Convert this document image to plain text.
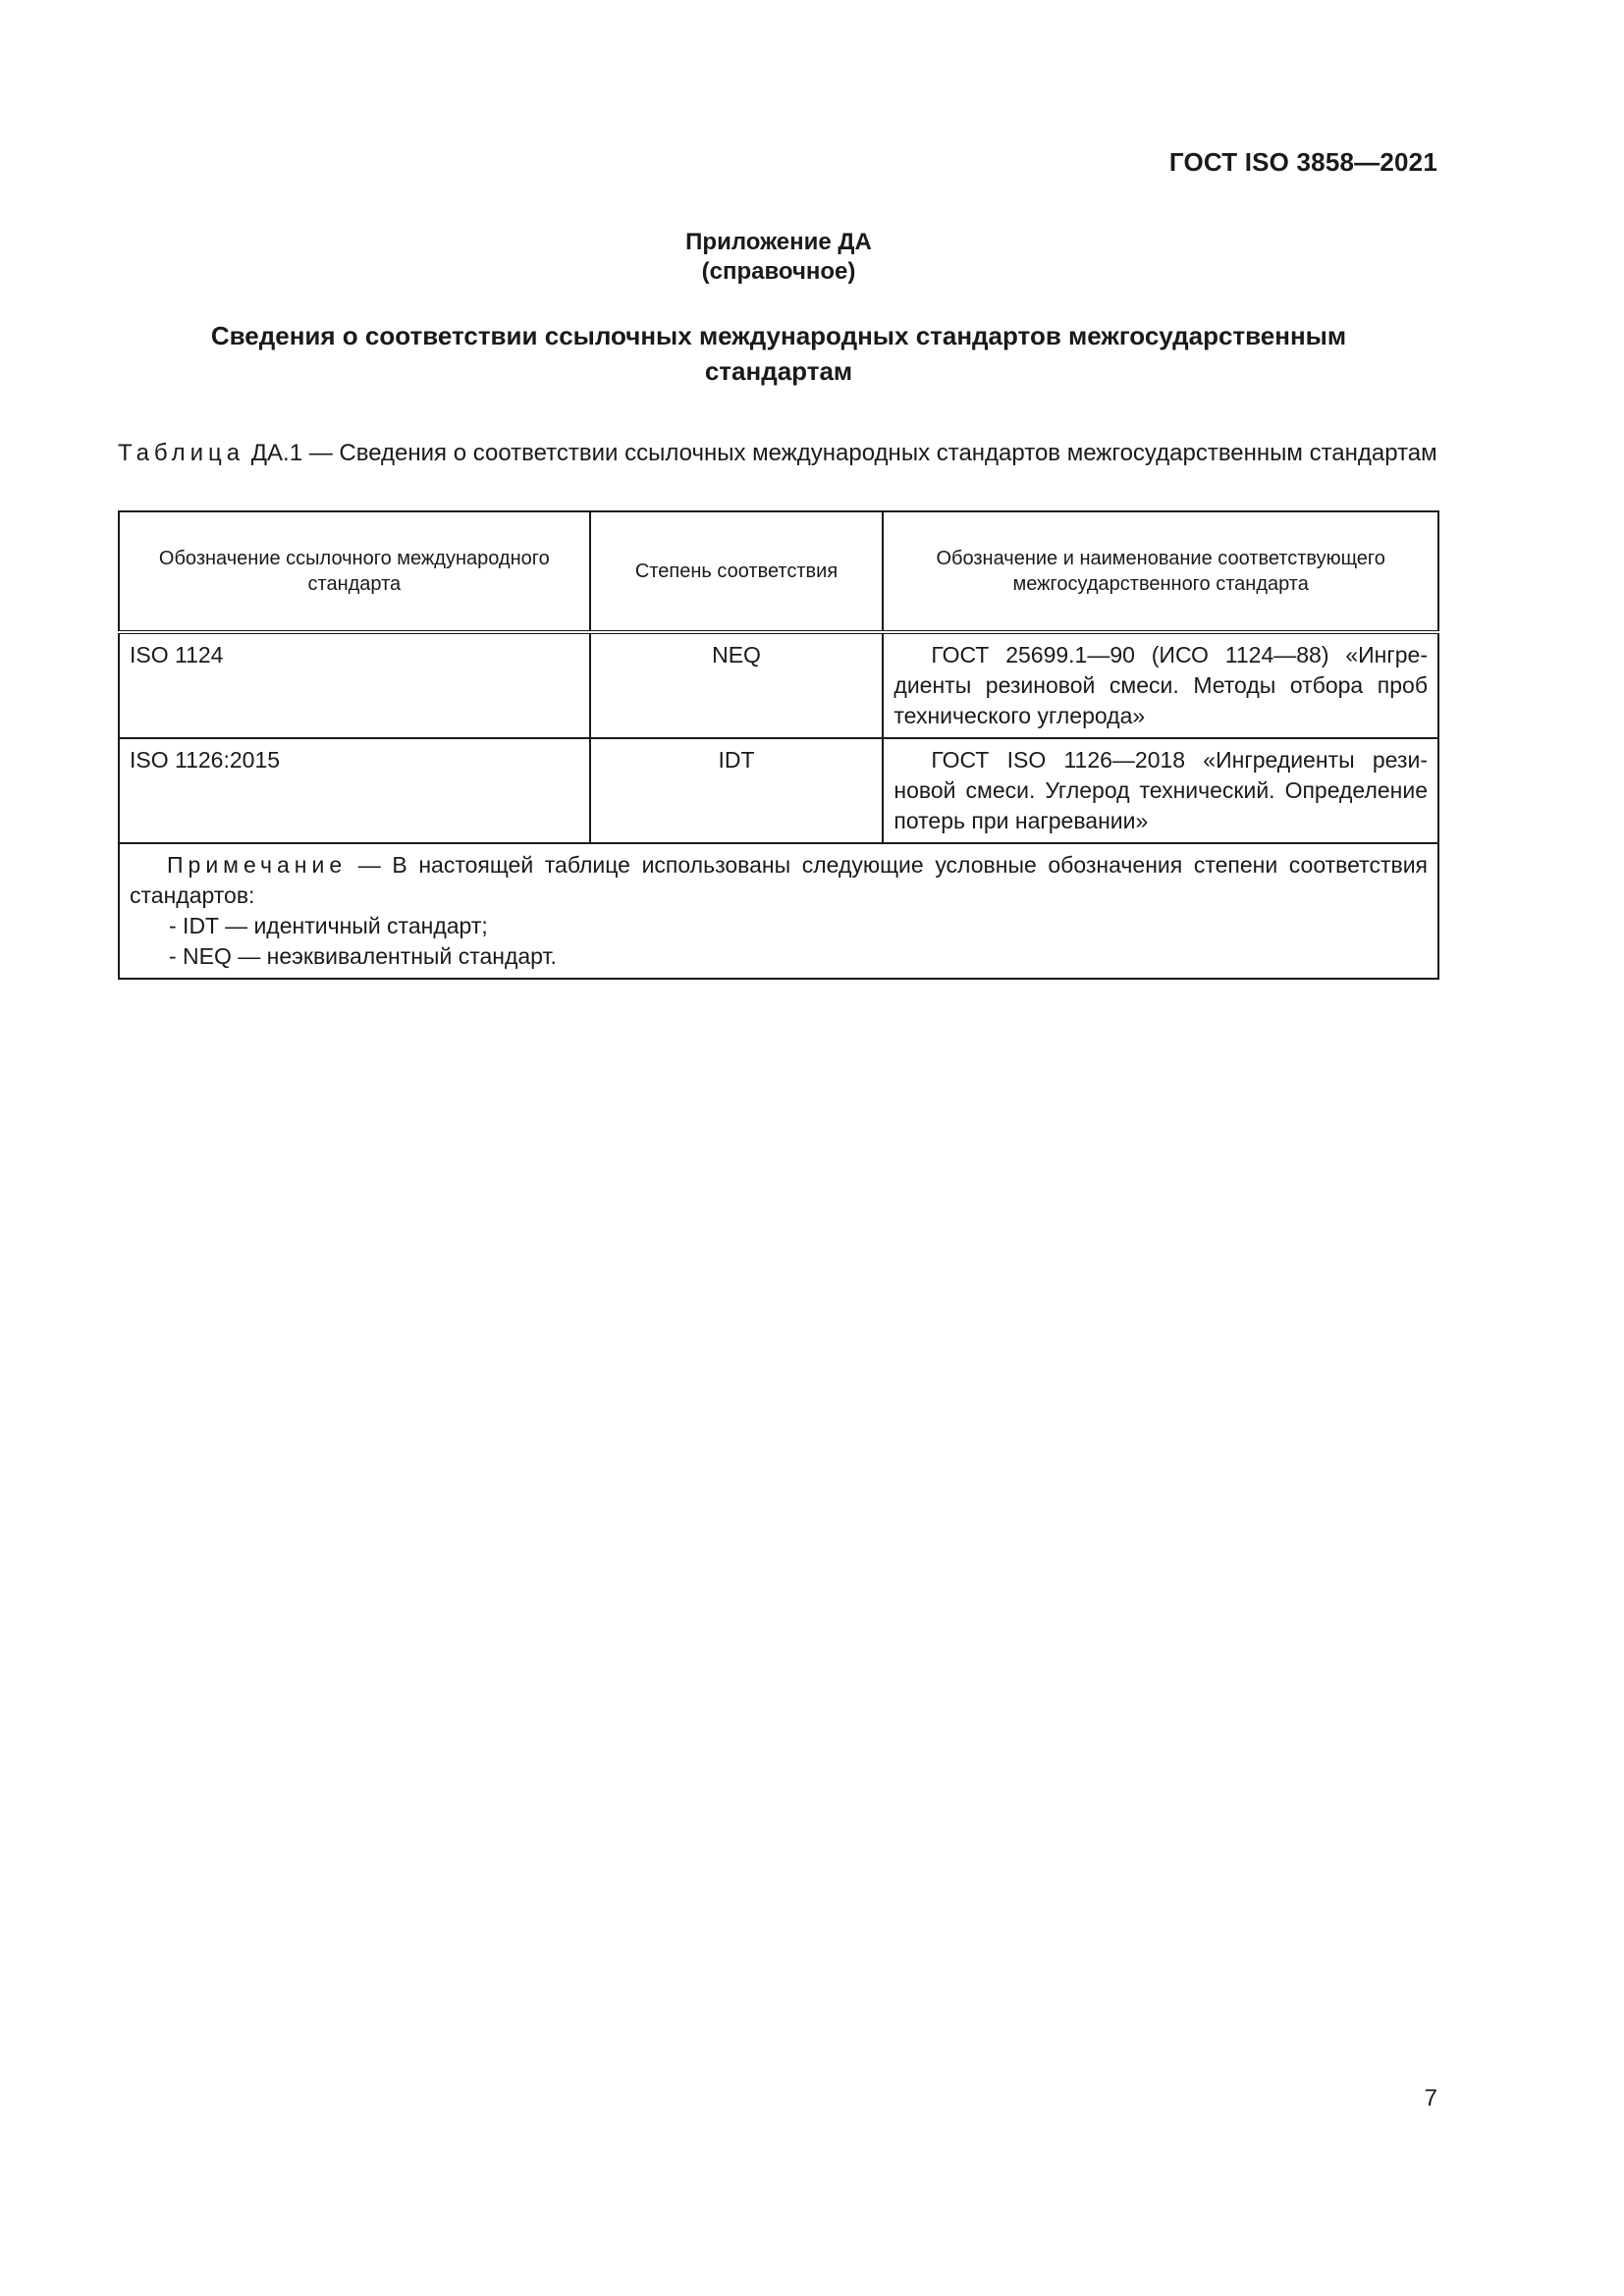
ГОСТ ISO 3858—2021
Приложение ДА
(справочное)
Сведения о соответствии ссылочных международных стандартов межгосударственным
стандартам
Таблица ДА.1 — Сведения о соответствии ссылочных международных стандартов межгосударственным стандартам
Обозначение ссылочного международного стандарта	Степень соответствия	Обозначение и наименование соответствующего межгосударственного стандарта
ISO 1124	NEQ	ГОСТ 25699.1—90 (ИСО 1124—88) «Ингредиенты резиновой смеси. Методы отбора проб технического углерода»
ISO 1126:2015	IDT	ГОСТ ISO 1126—2018 «Ингредиенты резиновой смеси. Углерод технический. Определение потерь при нагревании»

Примечание — В настоящей таблице использованы следующие условные обозначения степени соответствия стандартов:
- IDT — идентичный стандарт;
- NEQ — неэквивалентный стандарт.		
7
